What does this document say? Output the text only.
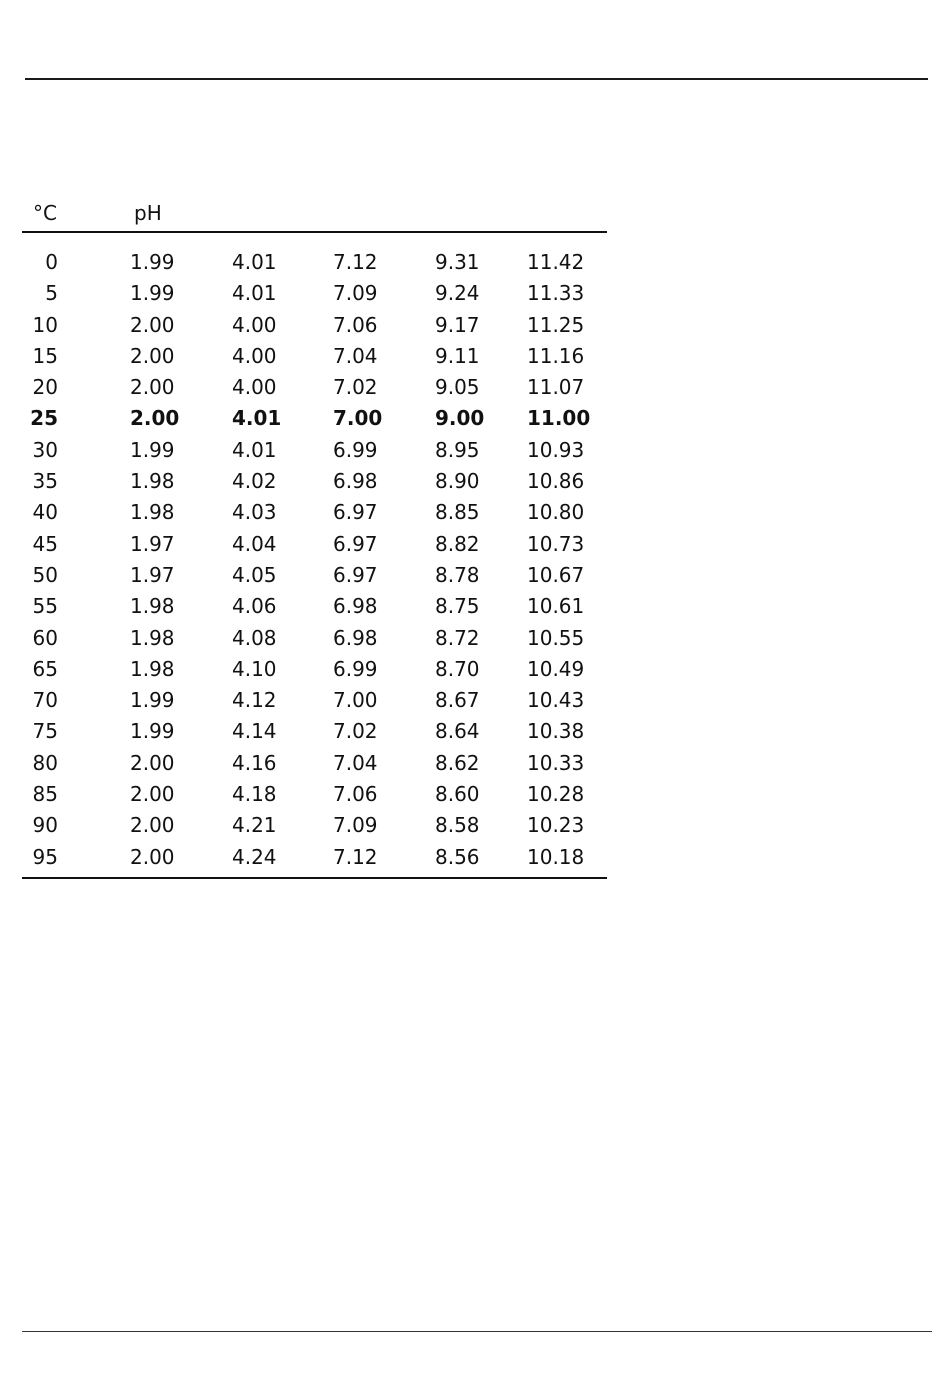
°C	pH
0	1.99	4.01	7.12	9.31 11.42
5	1.99	4.01	7.09	9.24 11.33
10	2.00	4.00	7.06	9.17 11.25
15	2.00	4.00	7.04	9.11 11.16
20	2.00	4.00	7.02	9.05 11.07
25	2.00	4.01	7.00	9.00 11.00
30	1.99	4.01	6.99	8.95 10.93
35	1.98	4.02	6.98	8.90 10.86
40	1.98	4.03	6.97	8.85 10.80
45	1.97	4.04	6.97	8.82 10.73
50	1.97	4.05	6.97	8.78 10.67
55	1.98	4.06	6.98	8.75 10.61
60	1.98	4.08	6.98	8.72 10.55
65	1.98	4.10	6.99	8.70 10.49
70	1.99	4.12	7.00	8.67 10.43
75	1.99	4.14	7.02	8.64 10.38
80	2.00	4.16	7.04	8.62 10.33
85	2.00	4.18	7.06	8.60 10.28
90	2.00	4.21	7.09	8.58 10.23
95	2.00	4.24	7.12	8.56 10.18
